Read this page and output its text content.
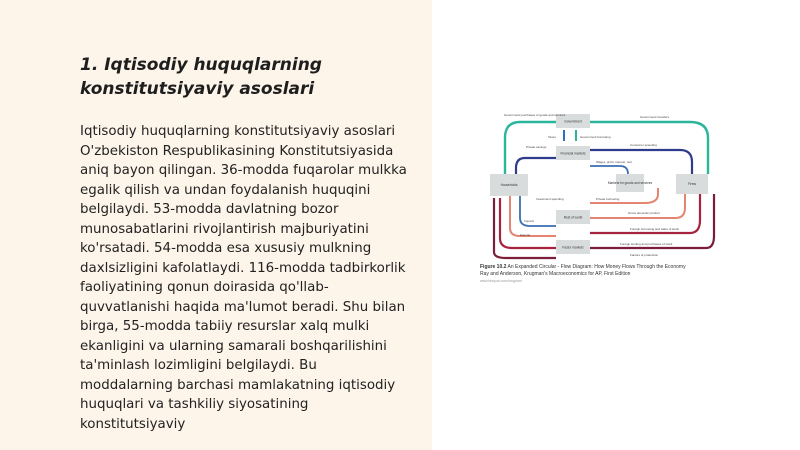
1. Iqtisodiy huquqlarning konstitutsiyaviy asoslari

Iqtisodiy huquqlarning konstitutsiyaviy asoslari O'zbekiston Respublikasining Konstitutsiyasida aniq bayon qilingan. 36-modda fuqarolar mulkka egalik qilish va undan foydalanish huquqini belgilaydi. 53-modda davlatning bozor munosabatlarini rivojlantirish majburiyatini ko'rsatadi. 54-modda esa xususiy mulkning daxlsizligini kafolatlaydi. 116-modda tadbirkorlik faoliyatining qonun doirasida qo'llab-quvvatlanishi haqida ma'lumot beradi. Shu bilan birga, 55-modda tabiiy resurslar xalq mulki ekanligini va ularning samarali boshqarilishini ta'minlash lozimligini belgilaydi. Bu moddalarning barchasi mamlakatning iqtisodiy huquqlari va tashkiliy siyosatining konstitutsiyaviy

Government
Financial markets
Households	Markets for goods and services	Firms
Rest of world
Factor markets
Government purchases of goods and services	Government transfers
Taxes	Government borrowing
Private savings	Consumer spending
Wages, profit, interest, rent
Investment spending	Private borrowing
Gross domestic product
Imports
Exports
Foreign borrowing and sales of stock
Foreign lending and purchases of stock
Factors of production
Figure 10.2 An Expanded Circular - Flow Diagram: How Money Flows Through the Economy
Ray and Anderson, Krugman's Macroeconomics for AP, First Edition
www.bfwpub.com/krugman
